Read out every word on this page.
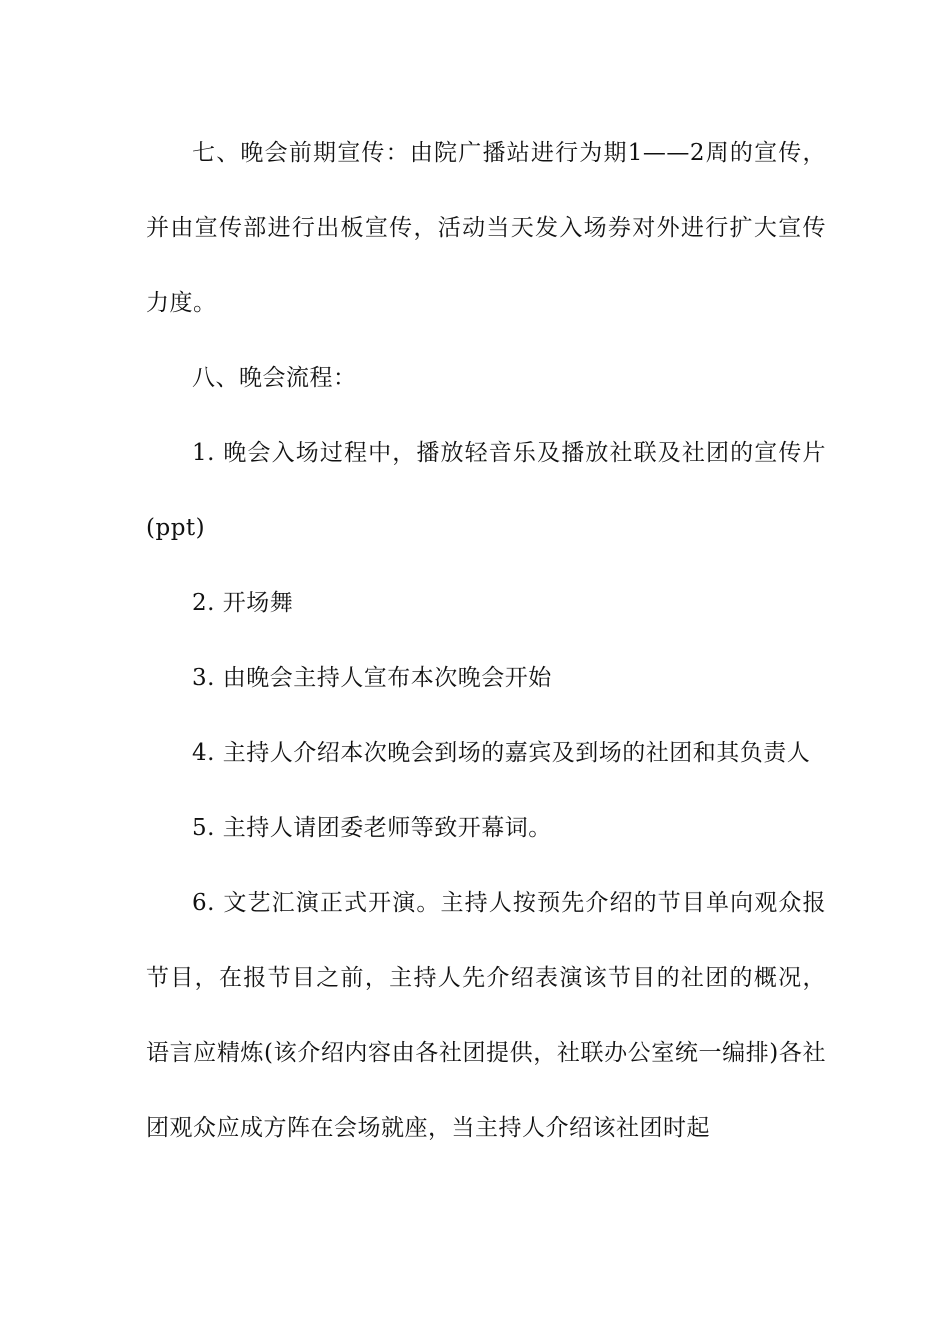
七、晚会前期宣传：由院广播站进行为期1——2周的宣传，并由宣传部进行出板宣传，活动当天发入场券对外进行扩大宣传力度。

八、晚会流程：

1. 晚会入场过程中，播放轻音乐及播放社联及社团的宣传片(ppt)

2. 开场舞

3. 由晚会主持人宣布本次晚会开始

4. 主持人介绍本次晚会到场的嘉宾及到场的社团和其负责人

5. 主持人请团委老师等致开幕词。

6. 文艺汇演正式开演。主持人按预先介绍的节目单向观众报节目，在报节目之前，主持人先介绍表演该节目的社团的概况，语言应精炼(该介绍内容由各社团提供，社联办公室统一编排)各社团观众应成方阵在会场就座，当主持人介绍该社团时起
